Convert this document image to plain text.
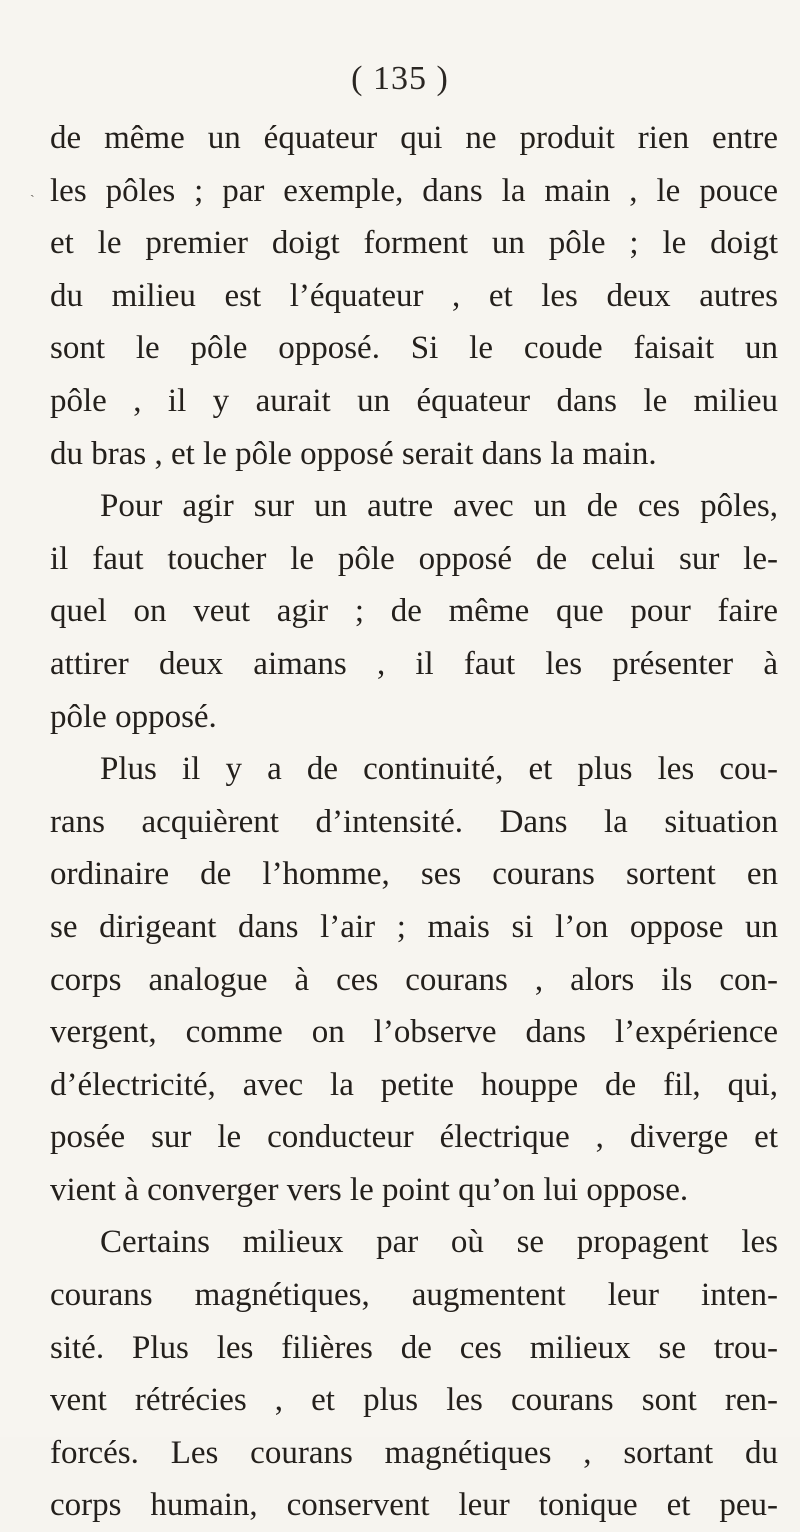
( 135 )
ˎ
de même un équateur qui ne produit rien entre
les pôles ; par exemple, dans la main , le pouce
et le premier doigt forment un pôle ; le doigt
du milieu est l’équateur , et les deux autres
sont le pôle opposé. Si le coude faisait un
pôle , il y aurait un équateur dans le milieu
du bras , et le pôle opposé serait dans la main.
Pour agir sur un autre avec un de ces pôles,
il faut toucher le pôle opposé de celui sur le-
quel on veut agir ; de même que pour faire
attirer deux aimans , il faut les présenter à
pôle opposé.
Plus il y a de continuité, et plus les cou-
rans acquièrent d’intensité. Dans la situation
ordinaire de l’homme, ses courans sortent en
se dirigeant dans l’air ; mais si l’on oppose un
corps analogue à ces courans , alors ils con-
vergent, comme on l’observe dans l’expérience
d’électricité, avec la petite houppe de fil, qui,
posée sur le conducteur électrique , diverge et
vient à converger vers le point qu’on lui oppose.
Certains milieux par où se propagent les
courans magnétiques, augmentent leur inten-
sité. Plus les filières de ces milieux se trou-
vent rétrécies , et plus les courans sont ren-
forcés. Les courans magnétiques , sortant du
corps humain, conservent leur tonique et peu-
